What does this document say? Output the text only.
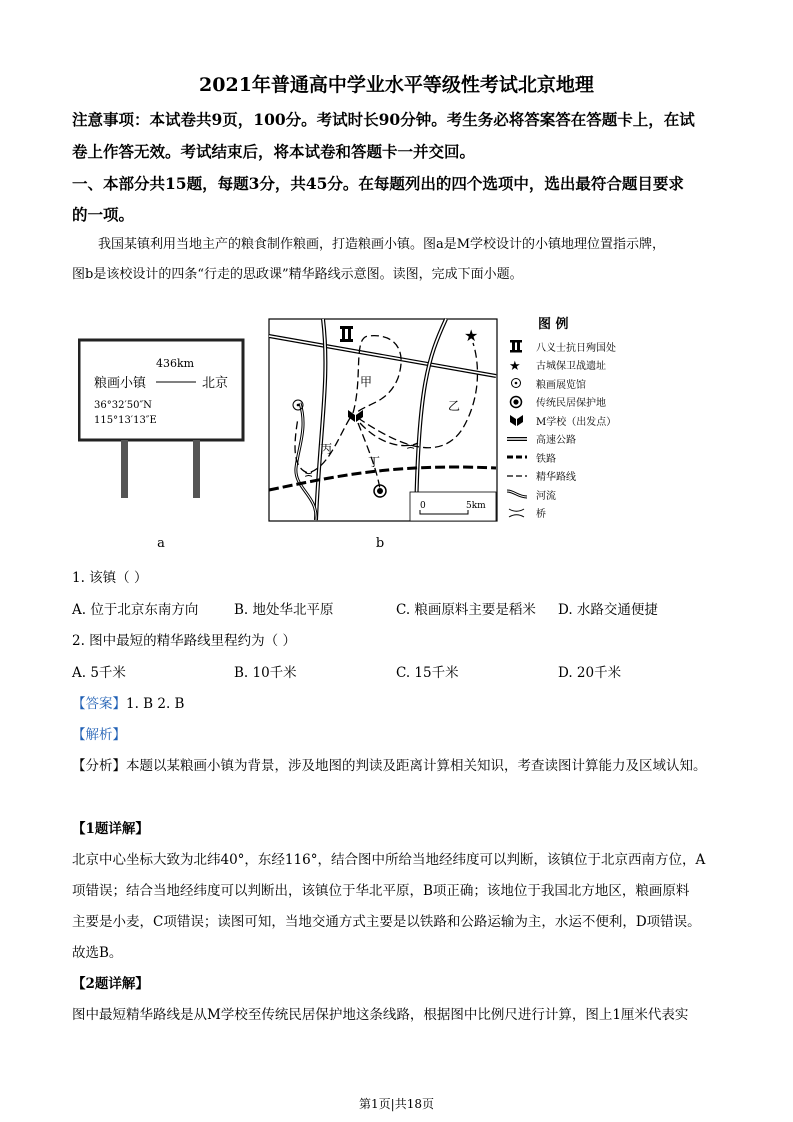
2021年普通高中学业水平等级性考试北京地理
注意事项：本试卷共9页，100分。考试时长90分钟。考生务必将答案答在答题卡上，在试
卷上作答无效。考试结束后，将本试卷和答题卡一并交回。
一、本部分共15题，每题3分，共45分。在每题列出的四个选项中，选出最符合题目要求
的一项。
我国某镇利用当地主产的粮食制作粮画，打造粮画小镇。图a是M学校设计的小镇地理位置指示牌，
图b是该校设计的四条“行走的思政课”精华路线示意图。读图，完成下面小题。
436km
粮画小镇	北京
36°32′50″N
115°13′13″E
a
≍
≍
★
甲
乙
丙
丁
0	5km
b
图 例
八义士抗日殉国处
★ 古城保卫战遗址
粮画展览馆
传统民居保护地
M学校（出发点）
高速公路
铁路
精华路线
河流
桥
1. 该镇（ ）
A. 位于北京东南方向	B. 地处华北平原	C. 粮画原料主要是稻米 D. 水路交通便捷
2. 图中最短的精华路线里程约为（ ）
A. 5千米	B. 10千米	C. 15千米	D. 20千米
【答案】1. B 2. B
【解析】
【分析】本题以某粮画小镇为背景，涉及地图的判读及距离计算相关知识，考查读图计算能力及区域认知。
【1题详解】
北京中心坐标大致为北纬40°，东经116°，结合图中所给当地经纬度可以判断，该镇位于北京西南方位，A
项错误；结合当地经纬度可以判断出，该镇位于华北平原，B项正确；该地位于我国北方地区，粮画原料
主要是小麦，C项错误；读图可知，当地交通方式主要是以铁路和公路运输为主，水运不便利，D项错误。
故选B。
【2题详解】
图中最短精华路线是从M学校至传统民居保护地这条线路，根据图中比例尺进行计算，图上1厘米代表实
第1页|共18页
